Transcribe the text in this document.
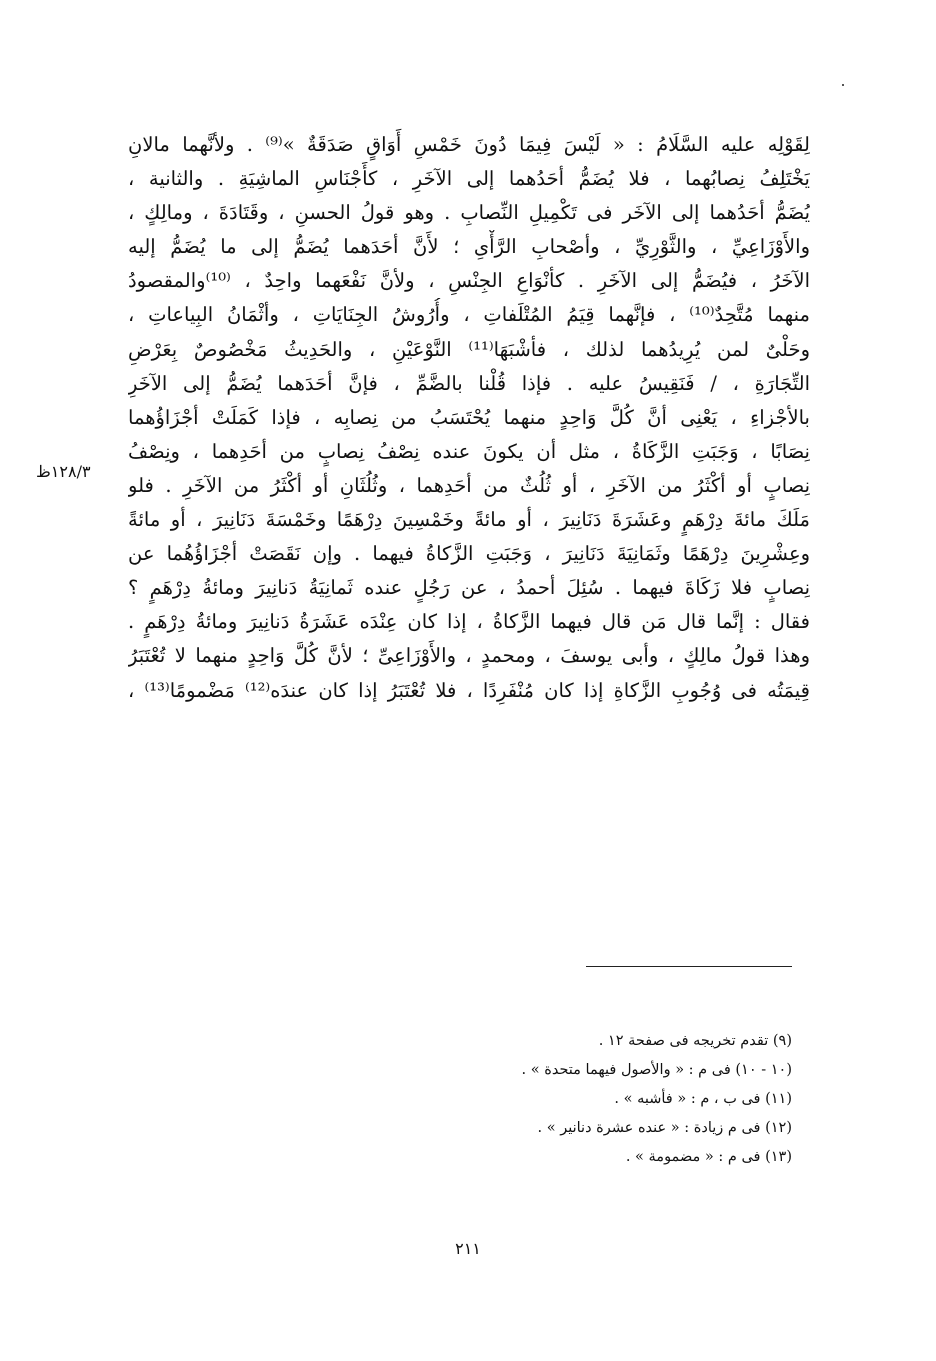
لِقَوْلِه عليه السَّلَامُ : « لَيْسَ فِيمَا دُونَ خَمْسِ أَوَاقٍ صَدَقَةٌ »⁽⁹⁾ . ولأنَّهما مالانِ
يَخْتَلِفُ نِصابُهما ، فلا يُضَمُّ أحَدُهما إلى الآخَرِ ، كأَجْنَاسِ الماشِيَةِ . والثانية ،
يُضَمُّ أحَدُهما إلى الآخَر فى تَكْمِيلِ النِّصابِ . وهو قولُ الحسنِ ، وقَتَادَةَ ، ومالِكٍ ،
والأَوْزَاعِيِّ ، والثَّوْرِيِّ ، وأصْحابِ الرَّأْىِ ؛ لأَنَّ أحَدَهما يُضَمُّ إلى ما يُضَمُّ إليه
الآخَرُ ، فيُضَمُّ إلى الآخَرِ . كأنْوَاعِ الجِنْسِ ، ولأنَّ نَفْعَهما واحِدٌ ، ⁽¹⁰⁾والمقصودُ
منهما مُتَّحِدٌ⁽¹⁰⁾ ، فإنَّهما قِيَمُ المُتْلَفاتِ ، وأُرُوشُ الجِنَايَاتِ ، وأثْمَانُ البِياعاتِ ،
وحَلْىٌ لمن يُرِيدُهما لذلك ، فأشْبَهَا⁽¹¹⁾ النَّوْعَيْنِ ، والحَدِيثُ مَخْصُوصٌ بِعَرْضِ
التِّجَارَةِ ، / فَنَقِيسُ عليه . فإذا قُلْنا بالضَّمِّ ، فإنَّ أحَدَهما يُضَمُّ إلى الآخَرِ
بالأجْزاءِ ، يَعْنِى أنَّ كُلَّ وَاحِدٍ منهما يُحْتَسَبُ من نِصابِه ، فإذا كَمَلَتْ أجْزَاؤُهما
نِصَابًا ، وَجَبَتِ الزَّكَاةُ ، مثل أن يكونَ عنده نِصْفُ نِصابٍ من أحَدِهما ، ونِصْفُ
نِصابٍ أو أكْثَرُ من الآخَرِ ، أو ثُلُثٌ من أحَدِهما ، وثُلُثَانِ أو أكْثَرُ من الآخَرِ . فلو
مَلَكَ مائةَ دِرْهَمٍ وعَشَرَةَ دَنَانِيرَ ، أو مائةً وخَمْسِينَ دِرْهَمًا وخَمْسَةَ دَنَانِيرَ ، أو مائةً
وعِشْرِينَ دِرْهَمًا وثَمَانِيَةَ دَنَانِيرَ ، وَجَبَتِ الزَّكاةُ فيهما . وإن نَقَصَتْ أجْزَاؤُهُما عن
نِصابٍ فلا زَكَاةَ فيهما . سُئِلَ أحمدُ ، عن رَجُلٍ عنده ثَمانِيَةُ دَنانِيرَ ومائةُ دِرْهَمٍ ؟
فقال : إنَّما قال مَن قال فيهما الزَّكاةُ ، إذا كان عِنْدَه عَشَرَةُ دَنانِيرَ ومائةُ دِرْهَمٍ .
وهذا قولُ مالِكٍ ، وأبى يوسفَ ، ومحمدٍ ، والأَوْزَاعِىِّ ؛ لأنَّ كُلَّ وَاحِدٍ منهما لا تُعْتَبَرُ
قِيمَتُه فى وُجُوبِ الزَّكاةِ إذا كان مُنْفَرِدًا ، فلا تُعْتَبَرُ إذا كان عندَه⁽¹²⁾ مَضْمومًا⁽¹³⁾ ،
١٢٨/٣ظ
(٩) تقدم تخريجه فى صفحة ١٢ .
(١٠ - ١٠) فى م : « والأصول فيهما متحدة » .
(١١) فى ب ، م : « فأشبه » .
(١٢) فى م زيادة : « عنده عشرة دنانير » .
(١٣) فى م : « مضمومة » .
٢١١
